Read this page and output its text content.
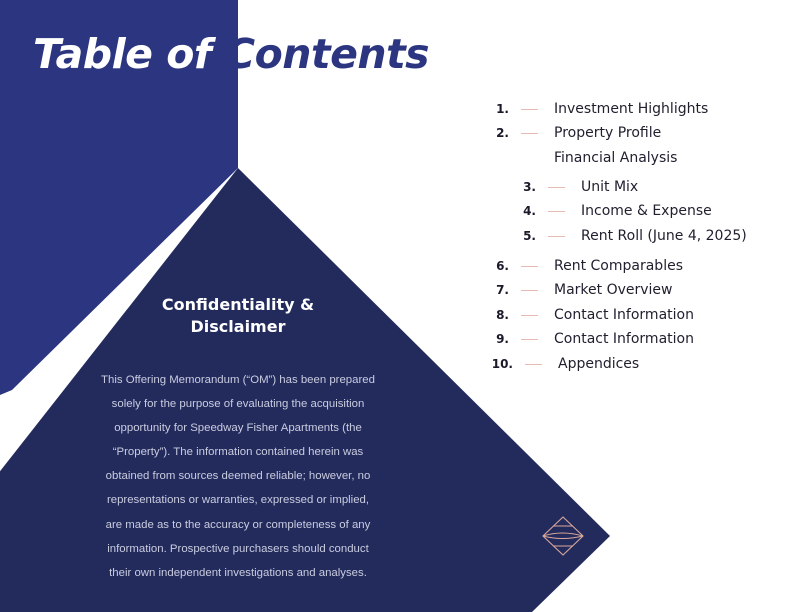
Table of Contents
Confidentiality &
Disclaimer

This Offering Memorandum (“OM”) has been prepared
solely for the purpose of evaluating the acquisition
opportunity for Speedway Fisher Apartments (the
“Property”). The information contained herein was
obtained from sources deemed reliable; however, no
representations or warranties, expressed or implied,
are made as to the accuracy or completeness of any
information. Prospective purchasers should conduct
their own independent investigations and analyses.

1.	Investment Highlights
2.	Property Profile
Financial Analysis
3.	Unit Mix
4.	Income & Expense
5.	Rent Roll (June 4, 2025)
6.	Rent Comparables
7.	Market Overview
8.	Contact Information
9.	Contact Information
10.	Appendices
